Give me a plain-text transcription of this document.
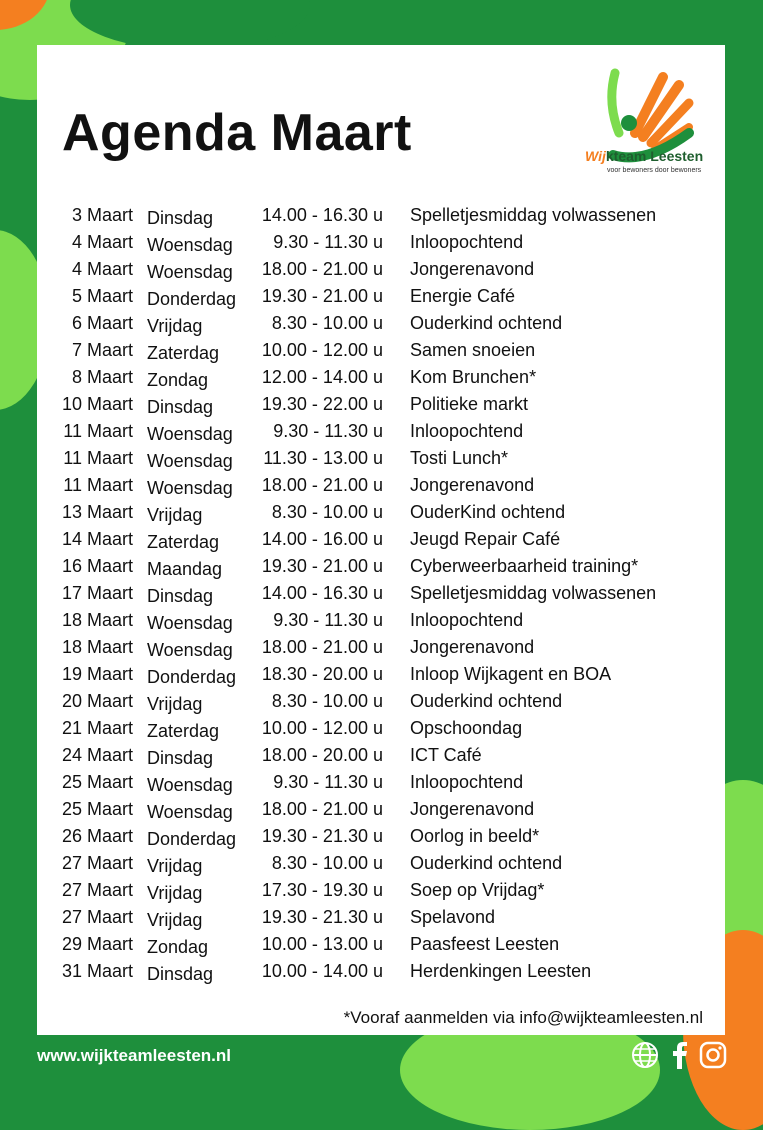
Agenda Maart	Wijkteam Leesten
voor bewoners door bewoners
3 Maart Dinsdag	14.00 - 16.30 u Spelletjesmiddag volwassenen
4 Maart Woensdag 9.30 - 11.30 u Inloopochtend
4 Maart Woensdag 18.00 - 21.00 u Jongerenavond
5 Maart Donderdag 19.30 - 21.00 u Energie Café
6 Maart Vrijdag	8.30 - 10.00 u Ouderkind ochtend
7 Maart Zaterdag 10.00 - 12.00 u Samen snoeien
8 Maart Zondag	12.00 - 14.00 u Kom Brunchen*
10 Maart Dinsdag	19.30 - 22.00 u Politieke markt
11 Maart Woensdag 9.30 - 11.30 u Inloopochtend
11 Maart Woensdag 11.30 - 13.00 u Tosti Lunch*
11 Maart Woensdag 18.00 - 21.00 u Jongerenavond
13 Maart Vrijdag	8.30 - 10.00 u OuderKind ochtend
14 Maart Zaterdag 14.00 - 16.00 u Jeugd Repair Café
16 Maart Maandag 19.30 - 21.00 u Cyberweerbaarheid training*
17 Maart Dinsdag	14.00 - 16.30 u Spelletjesmiddag volwassenen
18 Maart Woensdag 9.30 - 11.30 u Inloopochtend
18 Maart Woensdag 18.00 - 21.00 u Jongerenavond
19 Maart Donderdag 18.30 - 20.00 u Inloop Wijkagent en BOA
20 Maart Vrijdag	8.30 - 10.00 u Ouderkind ochtend
21 Maart Zaterdag 10.00 - 12.00 u Opschoondag
24 Maart Dinsdag	18.00 - 20.00 u ICT Café
25 Maart Woensdag 9.30 - 11.30 u Inloopochtend
25 Maart Woensdag 18.00 - 21.00 u Jongerenavond
26 Maart Donderdag 19.30 - 21.30 u Oorlog in beeld*
27 Maart Vrijdag	8.30 - 10.00 u Ouderkind ochtend
27 Maart Vrijdag	17.30 - 19.30 u Soep op Vrijdag*
27 Maart Vrijdag	19.30 - 21.30 u Spelavond
29 Maart Zondag	10.00 - 13.00 u Paasfeest Leesten
31 Maart Dinsdag	10.00 - 14.00 u Herdenkingen Leesten
*Vooraf aanmelden via info@wijkteamleesten.nl
www.wijkteamleesten.nl
